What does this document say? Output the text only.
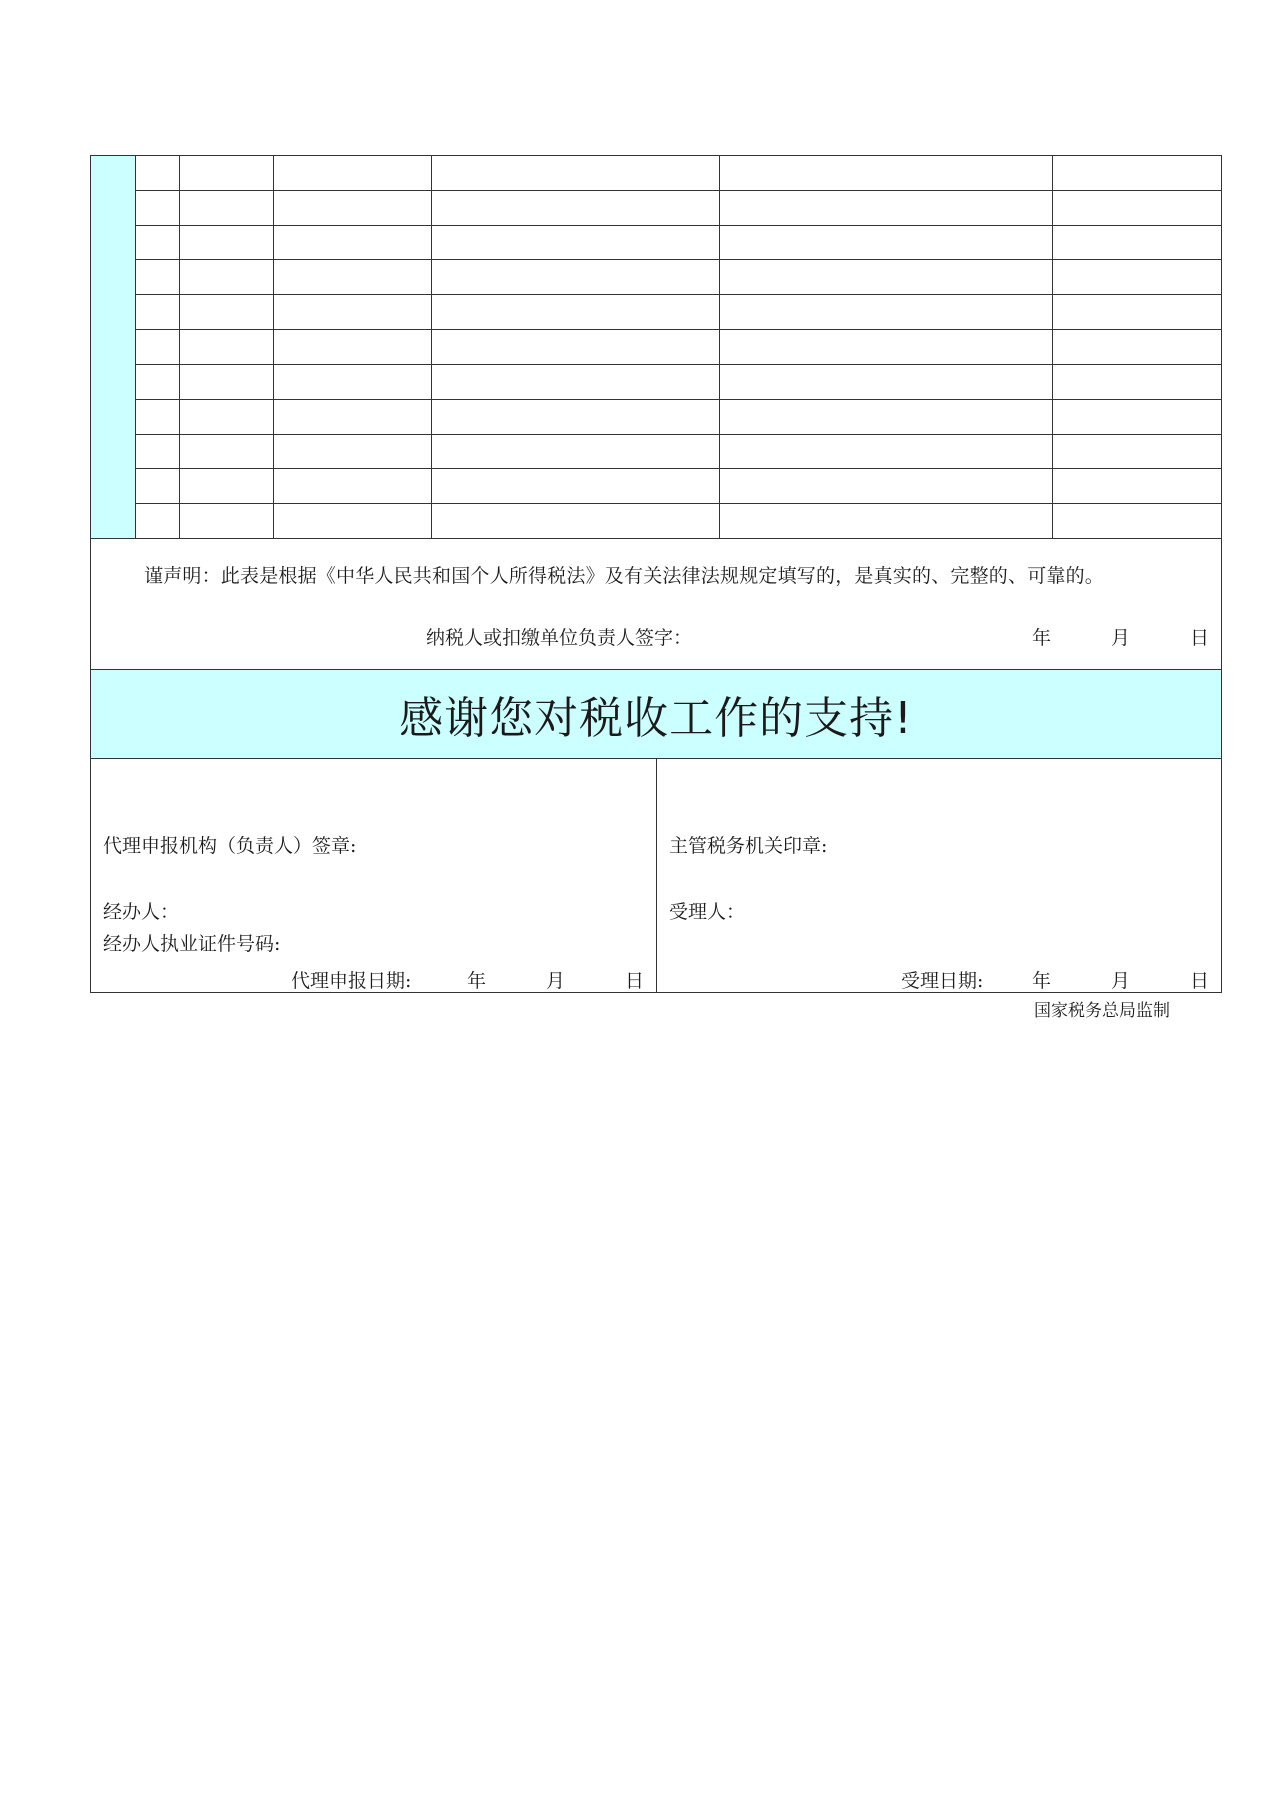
谨声明：此表是根据《中华人民共和国个人所得税法》及有关法律法规规定填写的，是真实的、完整的、可靠的。
纳税人或扣缴单位负责人签字：	年	月	日
感谢您对税收工作的支持!
代理申报机构（负责人）签章:
经办人：
经办人执业证件号码:
代理申报日期:	年	月	日
主管税务机关印章:
受理人：
受理日期:	年	月	日
国家税务总局监制
